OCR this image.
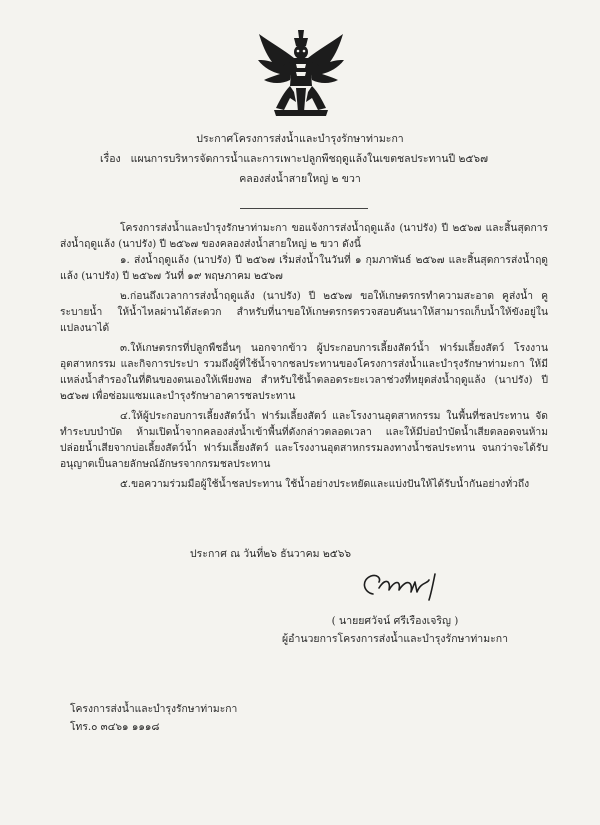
ประกาศโครงการส่งน้ำและบำรุงรักษาท่ามะกา
เรื่อง แผนการบริหารจัดการน้ำและการเพาะปลูกพืชฤดูแล้งในเขตชลประทานปี ๒๕๖๗
คลองส่งน้ำสายใหญ่ ๒ ขวา

โครงการส่งน้ำและบำรุงรักษาท่ามะกา ขอแจ้งการส่งน้ำฤดูแล้ง (นาปรัง) ปี ๒๕๖๗ และสิ้นสุดการส่งน้ำฤดูแล้ง (นาปรัง) ปี ๒๕๖๗ ของคลองส่งน้ำสายใหญ่ ๒ ขวา ดังนี้

๑. ส่งน้ำฤดูแล้ง (นาปรัง) ปี ๒๕๖๗ เริ่มส่งน้ำในวันที่ ๑ กุมภาพันธ์ ๒๕๖๗ และสิ้นสุดการส่งน้ำฤดูแล้ง (นาปรัง) ปี ๒๕๖๗ วันที่ ๑๙ พฤษภาคม ๒๕๖๗

๒.ก่อนถึงเวลาการส่งน้ำฤดูแล้ง (นาปรัง) ปี ๒๕๖๗ ขอให้เกษตรกรทำความสะอาด คูส่งน้ำ คูระบายน้ำ ให้น้ำไหลผ่านได้สะดวก สำหรับที่นาขอให้เกษตรกรตรวจสอบคันนาให้สามารถเก็บน้ำให้ขังอยู่ในแปลงนาได้

๓.ให้เกษตรกรที่ปลูกพืชอื่นๆ นอกจากข้าว ผู้ประกอบการเลี้ยงสัตว์น้ำ ฟาร์มเลี้ยงสัตว์ โรงงานอุตสาหกรรม และกิจการประปา รวมถึงผู้ที่ใช้น้ำจากชลประทานของโครงการส่งน้ำและบำรุงรักษาท่ามะกา ให้มีแหล่งน้ำสำรองในที่ดินของตนเองให้เพียงพอ สำหรับใช้น้ำตลอดระยะเวลาช่วงที่หยุดส่งน้ำฤดูแล้ง (นาปรัง) ปี ๒๕๖๗ เพื่อซ่อมแซมและบำรุงรักษาอาคารชลประทาน

๔.ให้ผู้ประกอบการเลี้ยงสัตว์น้ำ ฟาร์มเลี้ยงสัตว์ และโรงงานอุตสาหกรรม ในพื้นที่ชลประทาน จัดทำระบบบำบัด ห้ามเปิดน้ำจากคลองส่งน้ำเข้าพื้นที่ดังกล่าวตลอดเวลา และให้มีบ่อบำบัดน้ำเสียตลอดจนห้ามปล่อยน้ำเสียจากบ่อเลี้ยงสัตว์น้ำ ฟาร์มเลี้ยงสัตว์ และโรงงานอุตสาหกรรมลงทางน้ำชลประทาน จนกว่าจะได้รับอนุญาตเป็นลายลักษณ์อักษรจากกรมชลประทาน

๕.ขอความร่วมมือผู้ใช้น้ำชลประทาน ใช้น้ำอย่างประหยัดและแบ่งปันให้ได้รับน้ำกันอย่างทั่วถึง

ประกาศ ณ วันที่๒๖ ธันวาคม ๒๕๖๖
( นายยศวัจน์ ศรีเรืองเจริญ )
ผู้อำนวยการโครงการส่งน้ำและบำรุงรักษาท่ามะกา
โครงการส่งน้ำและบำรุงรักษาท่ามะกา
โทร.๐ ๓๔๖๑ ๑๑๑๘
